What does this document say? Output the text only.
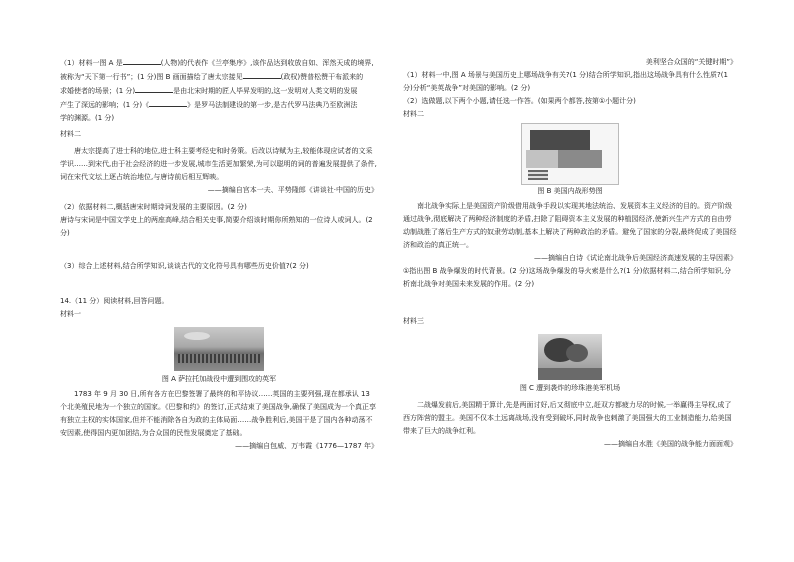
（1）材料一图 A 是	(人物)的代表作《兰亭集序》,该作品达到收放自如、浑然天成的境界,

被称为“天下第一行书”；(1 分)图 B 画面描绘了唐太宗接见	(政权)赞普松赞干布派来的

求婚使者的场景；(1 分)	是由北宋时期的匠人毕昇发明的,这一发明对人类文明的发展

产生了深远的影响；(1 分)《	》是罗马法制建设的第一步,是古代罗马法典乃至欧洲法

学的渊源。(1 分)

材料二

唐太宗提高了进士科的地位,进士科主要考经史和时务策。后改以诗赋为主,较能体现应试者的文采学识……到宋代,由于社会经济的进一步发展,城市生活更加繁荣,为可以聪明的词的普遍发展提供了条件,词在宋代文坛上逐占统治地位,与唐诗前后相互辉映。

——摘编自宫本一夫、平势隆郎《讲谈社·中国的历史》

（2）依据材料二,概括唐宋时期诗词发展的主要原因。(2 分)

唐诗与宋词是中国文学史上的两座高峰,结合相关史事,简要介绍该时期你所熟知的一位诗人或词人。(2 分)

（3）综合上述材料,结合所学知识,谈谈古代的文化符号具有哪些历史价值?(2 分)

14.（11 分）阅读材料,回答问题。

材料一

图 A 萨拉托加战役中遭到围攻的英军

1783 年 9 月 30 日,所有各方在巴黎签署了最终的和平协议……英国的主要列强,现在都承认 13 个北美殖民地为一个独立的国家。《巴黎和约》的签订,正式结束了美国战争,确保了美国成为一个真正享有独立主权的实体国家,但并不能消除各自为政的主体局面……战争胜利后,美国干是了国内各种动荡不安因素,使得国内更加团结,为合众国的民性发展奠定了基础。

——摘编自包威、万韦霞《1776—1787 年》

美利坚合众国的“关键时期”》

（1）材料一中,图 A 场景与美国历史上哪场战争有关?(1 分)结合所学知识,指出这场战争具有什么性质?(1 分)分析“美英战争”对美国的影响。(2 分)

（2）选做题,以下两个小题,请任选一作答。(如果两个都答,按第①小题计分)

材料二

图 B 美国内战形势图

南北战争实际上是美国资产阶级借用战争手段以实现其地法统治、发展资本主义经济的目的。资产阶级通过战争,彻底解决了两种经济制度的矛盾,扫除了阻碍资本主义发展的种植园经济,使新兴生产方式的自由劳动制战胜了落后生产方式的奴隶劳动制,基本上解决了两种政治的矛盾。避免了国家的分裂,最终促成了美国经济和政治的真正统一。

——摘编自白诗《试论南北战争后美国经济高速发展的主导因素》

①指出图 B 战争爆发的时代背景。(2 分)这场战争爆发的导火索是什么?(1 分)依据材料二,结合所学知识,分析南北战争对美国未来发展的作用。(2 分)

材料三

图 C 遭到袭炸的珍珠港美军机场

二战爆发前后,美国精于算计,先是两面讨好,后又彻底中立,赶双方都疲力尽的时候,一举赢得主导权,成了西方阵营的盟主。美国不仅本土远离战场,没有受到破坏,同时战争也刺激了美国强大的工业制造能力,给美国带来了巨大的战争红利。

——摘编自水胜《美国的战争能力面面观》
